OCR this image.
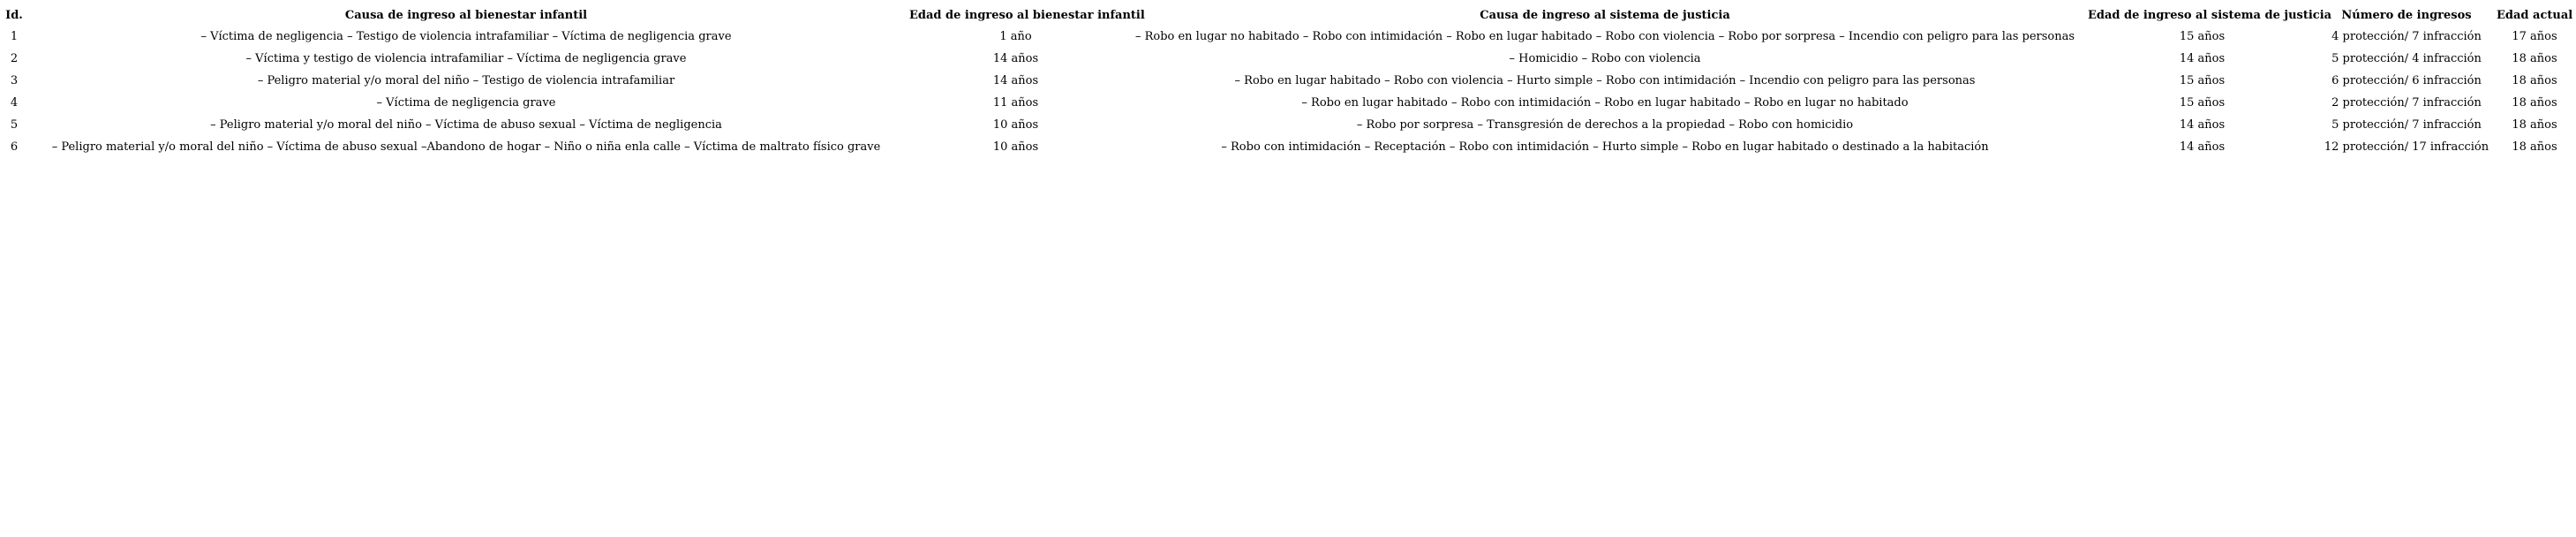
Id.	Causa de ingreso al bienestar infantil	Edad de ingreso al bienestar infantil	Causa de ingreso al sistema de justicia	Edad de ingreso al sistema de justicia	Número de ingresos	Edad actual
1	– Víctima de negligencia – Testigo de violencia intrafamiliar – Víctima de negligencia grave	1 año	– Robo en lugar no habitado – Robo con intimidación – Robo en lugar habitado – Robo con violencia – Robo por sorpresa – Incendio con peligro para las personas	15 años	4 protección/ 7 infracción	17 años
2	– Víctima y testigo de violencia intrafamiliar – Víctima de negligencia grave	14 años	– Homicidio – Robo con violencia	14 años	5 protección/ 4 infracción	18 años
3	– Peligro material y/o moral del niño – Testigo de violencia intrafamiliar	14 años	– Robo en lugar habitado – Robo con violencia – Hurto simple – Robo con intimidación – Incendio con peligro para las personas	15 años	6 protección/ 6 infracción	18 años
4	– Víctima de negligencia grave	11 años	– Robo en lugar habitado – Robo con intimidación – Robo en lugar habitado – Robo en lugar no habitado	15 años	2 protección/ 7 infracción	18 años
5	– Peligro material y/o moral del niño – Víctima de abuso sexual – Víctima de negligencia	10 años	– Robo por sorpresa – Transgresión de derechos a la propiedad – Robo con homicidio	14 años	5 protección/ 7 infracción	18 años
6	– Peligro material y/o moral del niño – Víctima de abuso sexual –Abandono de hogar – Niño o niña enla calle – Víctima de maltrato físico grave	10 años	– Robo con intimidación – Receptación – Robo con intimidación – Hurto simple – Robo en lugar habitado o destinado a la habitación	14 años	12 protección/ 17 infracción	18 años
